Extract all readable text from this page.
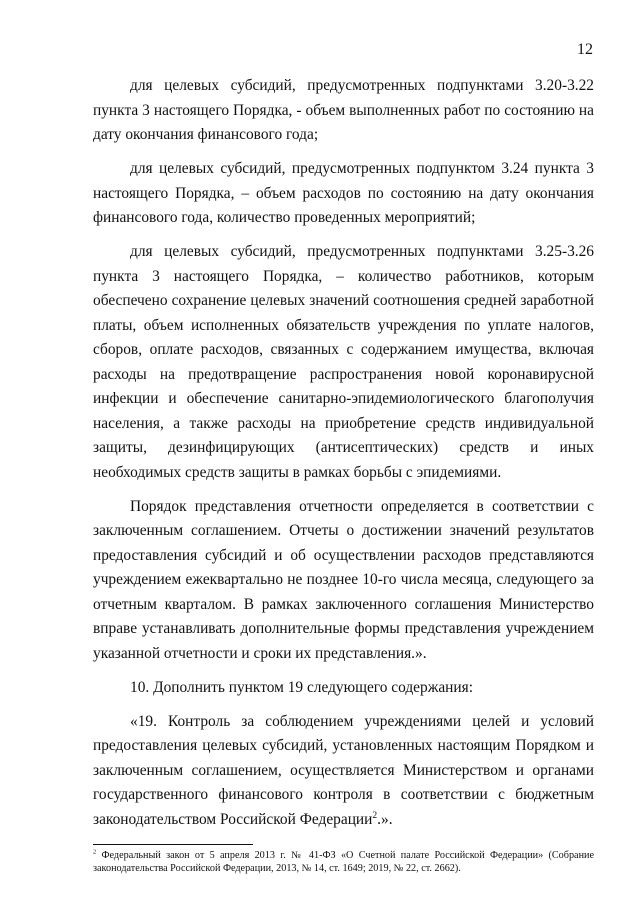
12

для целевых субсидий, предусмотренных подпунктами 3.20-3.22 пункта 3 настоящего Порядка, - объем выполненных работ по состоянию на дату окончания финансового года;

для целевых субсидий, предусмотренных подпунктом 3.24 пункта 3 настоящего Порядка, – объем расходов по состоянию на дату окончания финансового года, количество проведенных мероприятий;

для целевых субсидий, предусмотренных подпунктами 3.25-3.26 пункта 3 настоящего Порядка, – количество работников, которым обеспечено сохранение целевых значений соотношения средней заработной платы, объем исполненных обязательств учреждения по уплате налогов, сборов, оплате расходов, связанных с содержанием имущества, включая расходы на предотвращение распространения новой коронавирусной инфекции и обеспечение санитарно-эпидемиологического благополучия населения, а также расходы на приобретение средств индивидуальной защиты, дезинфицирующих (антисептических) средств и иных необходимых средств защиты в рамках борьбы с эпидемиями.

Порядок представления отчетности определяется в соответствии с заключенным соглашением. Отчеты о достижении значений результатов предоставления субсидий и об осуществлении расходов представляются учреждением ежеквартально не позднее 10-го числа месяца, следующего за отчетным кварталом. В рамках заключенного соглашения Министерство вправе устанавливать дополнительные формы представления учреждением указанной отчетности и сроки их представления.».

10. Дополнить пунктом 19 следующего содержания:

«19. Контроль за соблюдением учреждениями целей и условий предоставления целевых субсидий, установленных настоящим Порядком и заключенным соглашением, осуществляется Министерством и органами государственного финансового контроля в соответствии с бюджетным законодательством Российской Федерации$^2$.».

$^2$ Федеральный закон от 5 апреля 2013 г. № 41-ФЗ «О Счетной палате Российской Федерации» (Собрание законодательства Российской Федерации, 2013, № 14, ст. 1649; 2019, № 22, ст. 2662).
